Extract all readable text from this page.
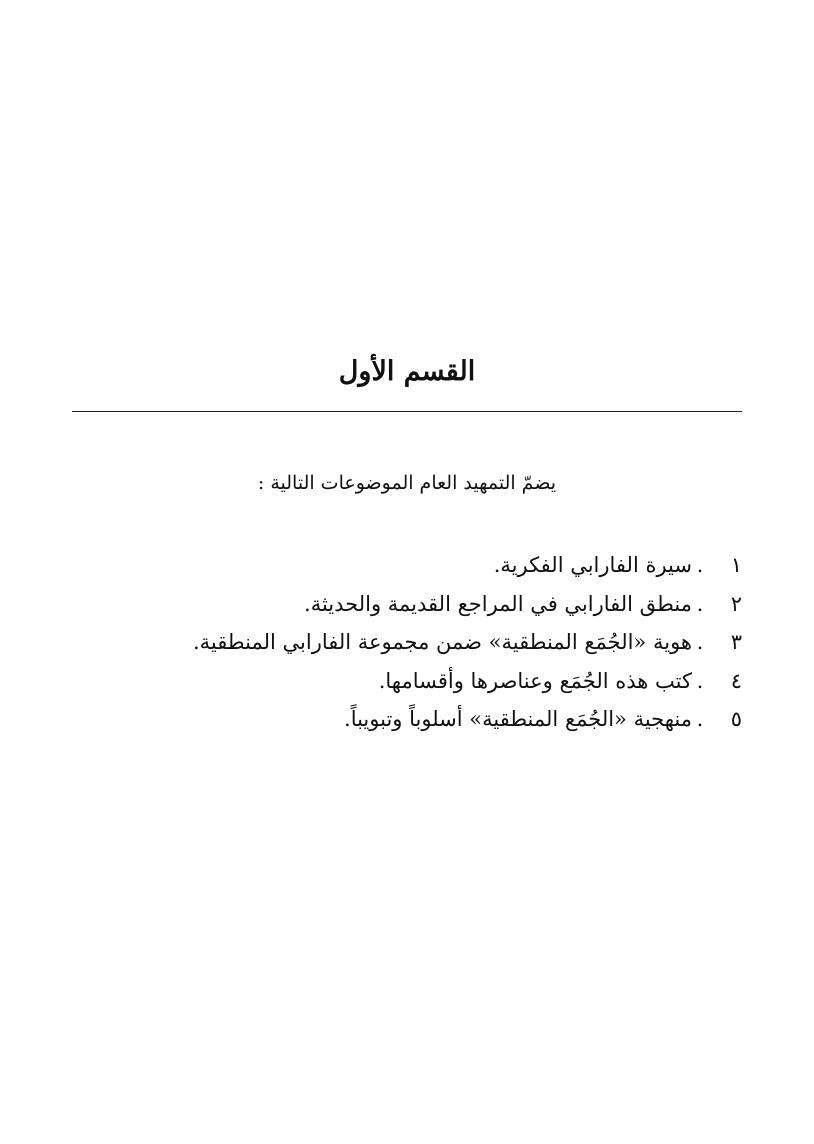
القسم الأول

يضمّ التمهيد العام الموضوعات التالية :

١
.
سيرة الفارابي الفكرية.
٢
.
منطق الفارابي في المراجع القديمة والحديثة.
٣
.
هوية «الجُمَع المنطقية» ضمن مجموعة الفارابي المنطقية.
٤
.
كتب هذه الجُمَع وعناصرها وأقسامها.
٥
.
منهجية «الجُمَع المنطقية» أسلوباً وتبويباً.
